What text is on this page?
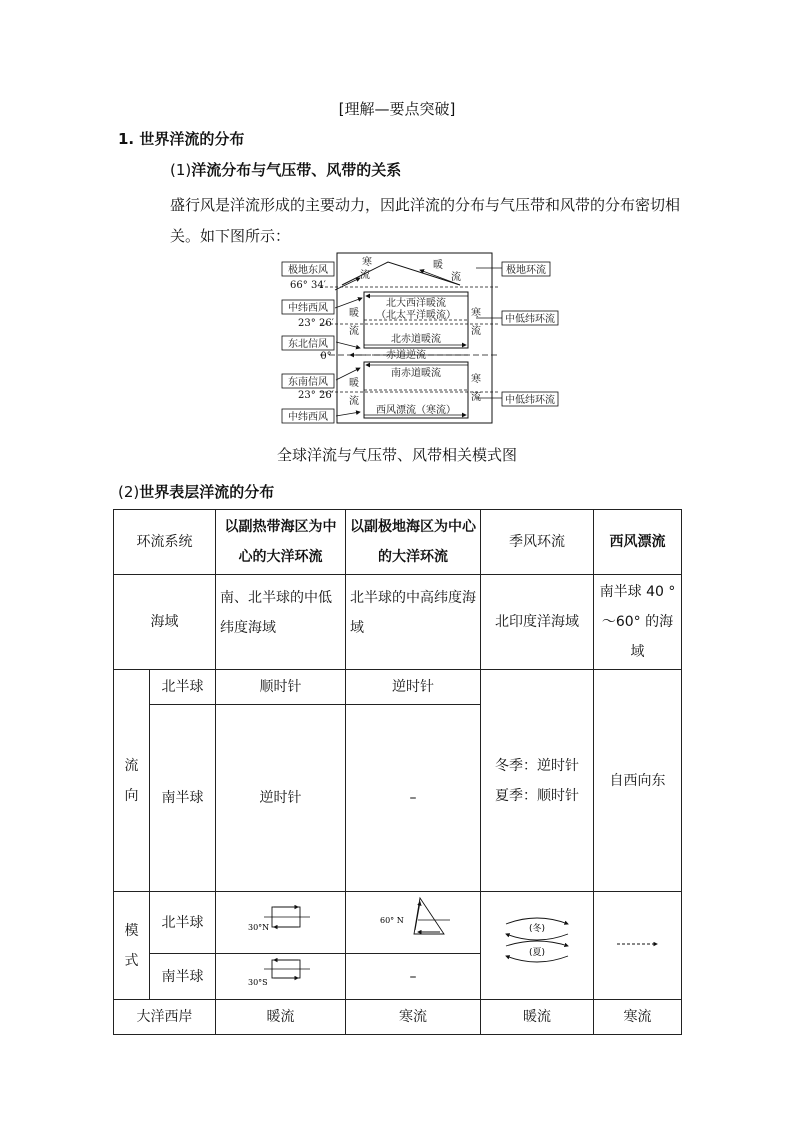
[理解—要点突破]
1. 世界洋流的分布
(1)洋流分布与气压带、风带的关系
盛行风是洋流形成的主要动力，因此洋流的分布与气压带和风带的分布密切相关。如下图所示：
极地东风
中纬西风
东北信风
东南信风
中纬西风
66° 34′
23° 26′
0°
23° 26′
极地环流
中低纬环流
中低纬环流
寒
流
暖
流
暖
流
寒
流
北大西洋暖流
（北太平洋暖流）
北赤道暖流
赤道逆流
南赤道暖流
西风漂流（寒流）
暖
流
寒
流
全球洋流与气压带、风带相关模式图
(2)世界表层洋流的分布
环流系统		以副热带海区为中心的大洋环流	以副极地海区为中心的大洋环流	季风环流	西风漂流
海域		南、北半球的中低纬度海域	北半球的中高纬度海域	北印度洋海域	南半球 40 °～60° 的海域
流向	北半球	顺时针	逆时针	冬季：逆时针
夏季：顺时针	自西向东
	南半球	逆时针	–		
模式	北半球	30°N	60° N	(冬)
(夏)

	南半球	30°S	–		
大洋西岸		暖流	寒流	暖流	寒流
